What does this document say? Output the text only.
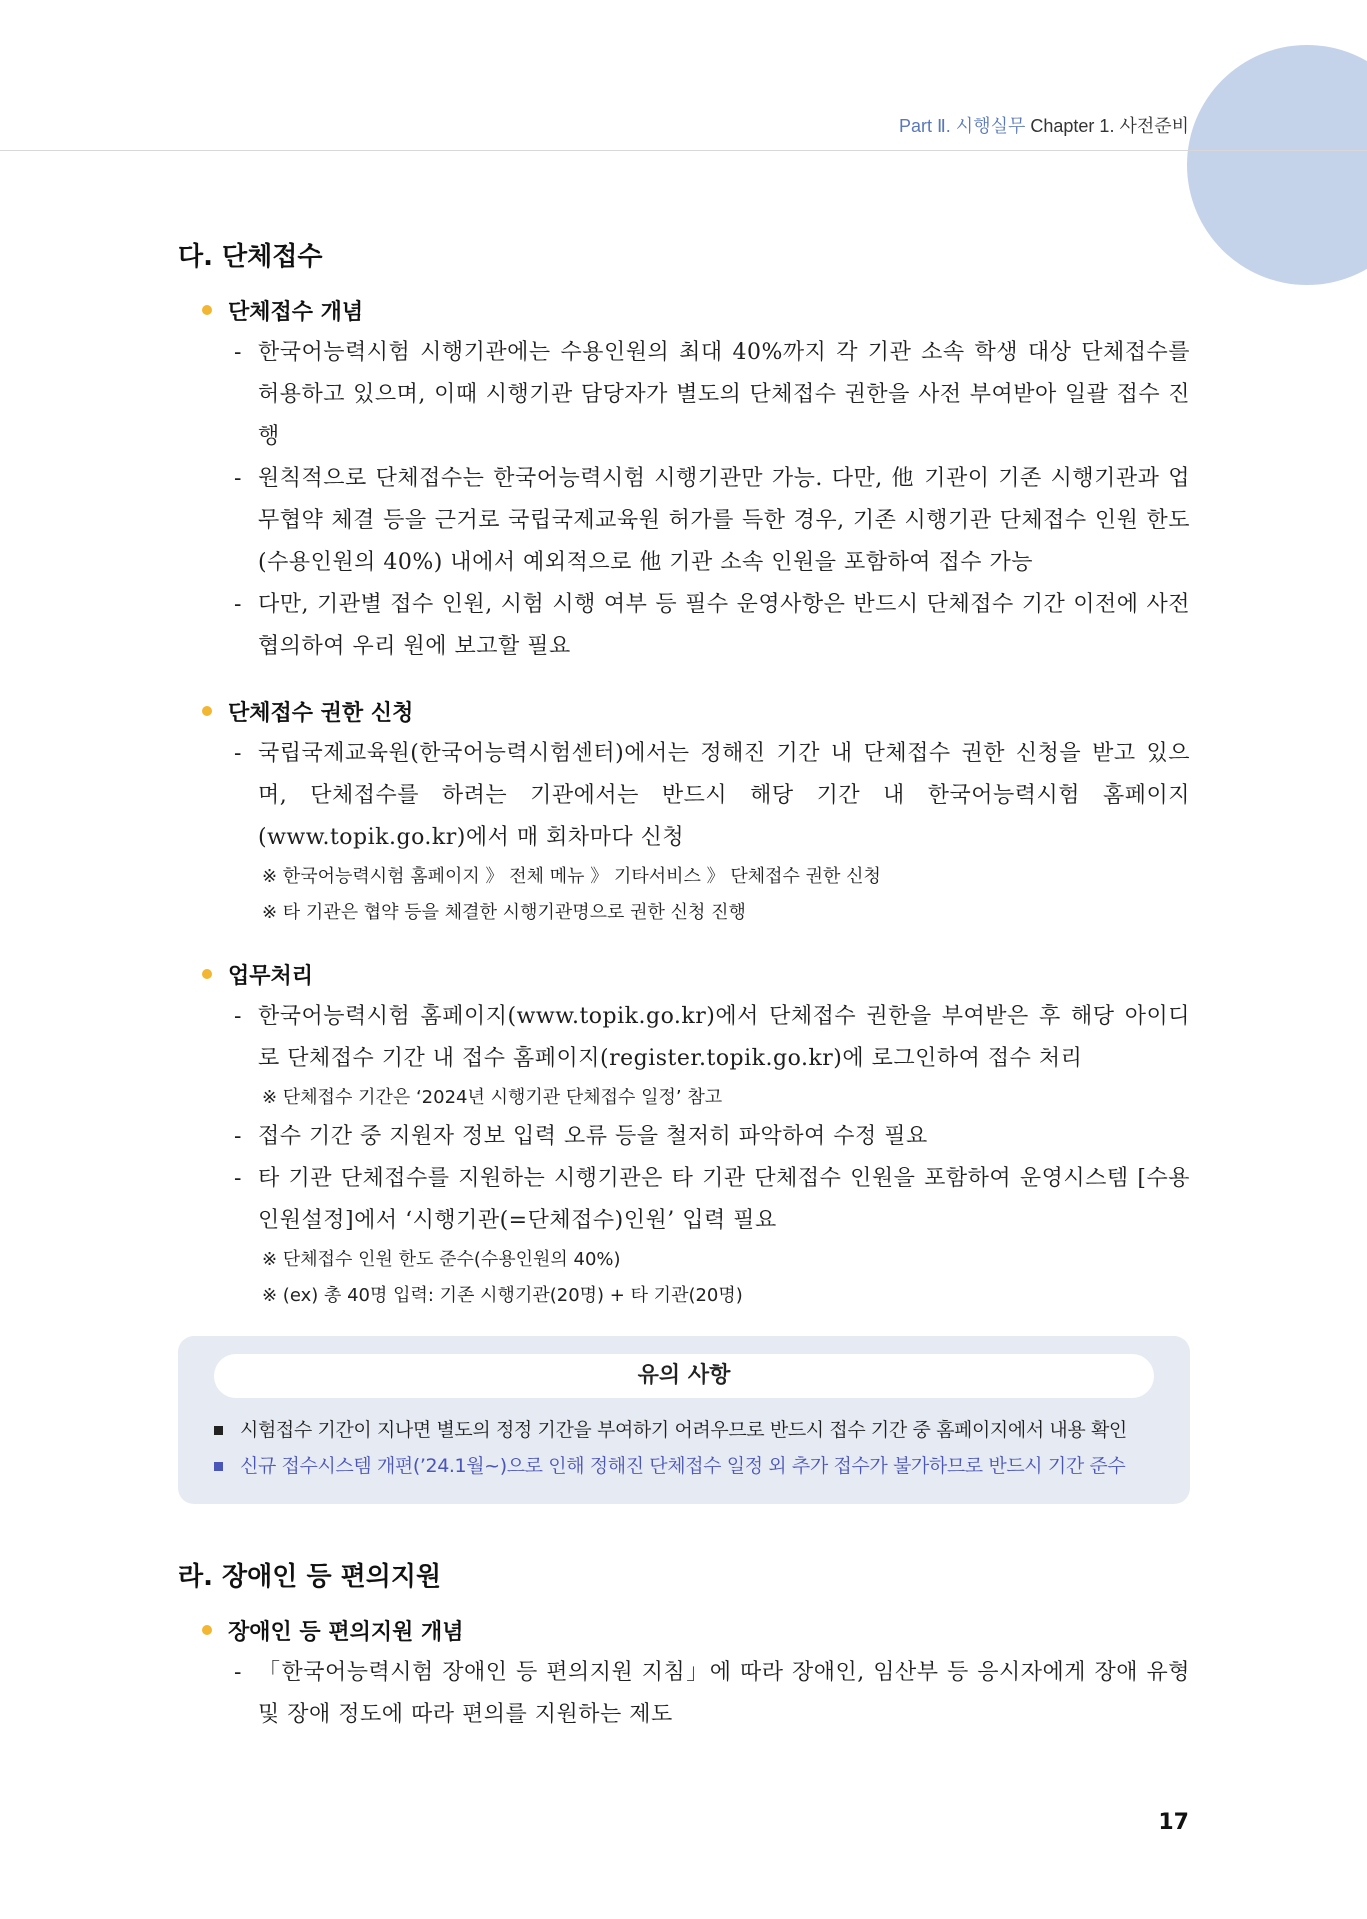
Part Ⅱ. 시행실무 Chapter 1. 사전준비
다. 단체접수
단체접수 개념

- 한국어능력시험 시행기관에는 수용인원의 최대 40%까지 각 기관 소속 학생 대상 단체접수를 허용하고 있으며, 이때 시행기관 담당자가 별도의 단체접수 권한을 사전 부여받아 일괄 접수 진행

- 원칙적으로 단체접수는 한국어능력시험 시행기관만 가능. 다만, 他 기관이 기존 시행기관과 업무협약 체결 등을 근거로 국립국제교육원 허가를 득한 경우, 기존 시행기관 단체접수 인원 한도(수용인원의 40%) 내에서 예외적으로 他 기관 소속 인원을 포함하여 접수 가능

- 다만, 기관별 접수 인원, 시험 시행 여부 등 필수 운영사항은 반드시 단체접수 기간 이전에 사전 협의하여 우리 원에 보고할 필요

단체접수 권한 신청

- 국립국제교육원(한국어능력시험센터)에서는 정해진 기간 내 단체접수 권한 신청을 받고 있으며, 단체접수를 하려는 기관에서는 반드시 해당 기간 내 한국어능력시험 홈페이지(www.topik.go.kr)에서 매 회차마다 신청

※ 한국어능력시험 홈페이지 》 전체 메뉴 》 기타서비스 》 단체접수 권한 신청

※ 타 기관은 협약 등을 체결한 시행기관명으로 권한 신청 진행

업무처리

- 한국어능력시험 홈페이지(www.topik.go.kr)에서 단체접수 권한을 부여받은 후 해당 아이디로 단체접수 기간 내 접수 홈페이지(register.topik.go.kr)에 로그인하여 접수 처리

※ 단체접수 기간은 ‘2024년 시행기관 단체접수 일정’ 참고

- 접수 기간 중 지원자 정보 입력 오류 등을 철저히 파악하여 수정 필요

- 타 기관 단체접수를 지원하는 시행기관은 타 기관 단체접수 인원을 포함하여 운영시스템 [수용인원설정]에서 ‘시행기관(=단체접수)인원’ 입력 필요

※ 단체접수 인원 한도 준수(수용인원의 40%)

※ (ex) 총 40명 입력: 기존 시행기관(20명) + 타 기관(20명)

유의 사항
시험접수 기간이 지나면 별도의 정정 기간을 부여하기 어려우므로 반드시 접수 기간 중 홈페이지에서 내용 확인
신규 접수시스템 개편(’24.1월~)으로 인해 정해진 단체접수 일정 외 추가 접수가 불가하므로 반드시 기간 준수
라. 장애인 등 편의지원
장애인 등 편의지원 개념

- 「한국어능력시험 장애인 등 편의지원 지침」에 따라 장애인, 임산부 등 응시자에게 장애 유형 및 장애 정도에 따라 편의를 지원하는 제도

17
